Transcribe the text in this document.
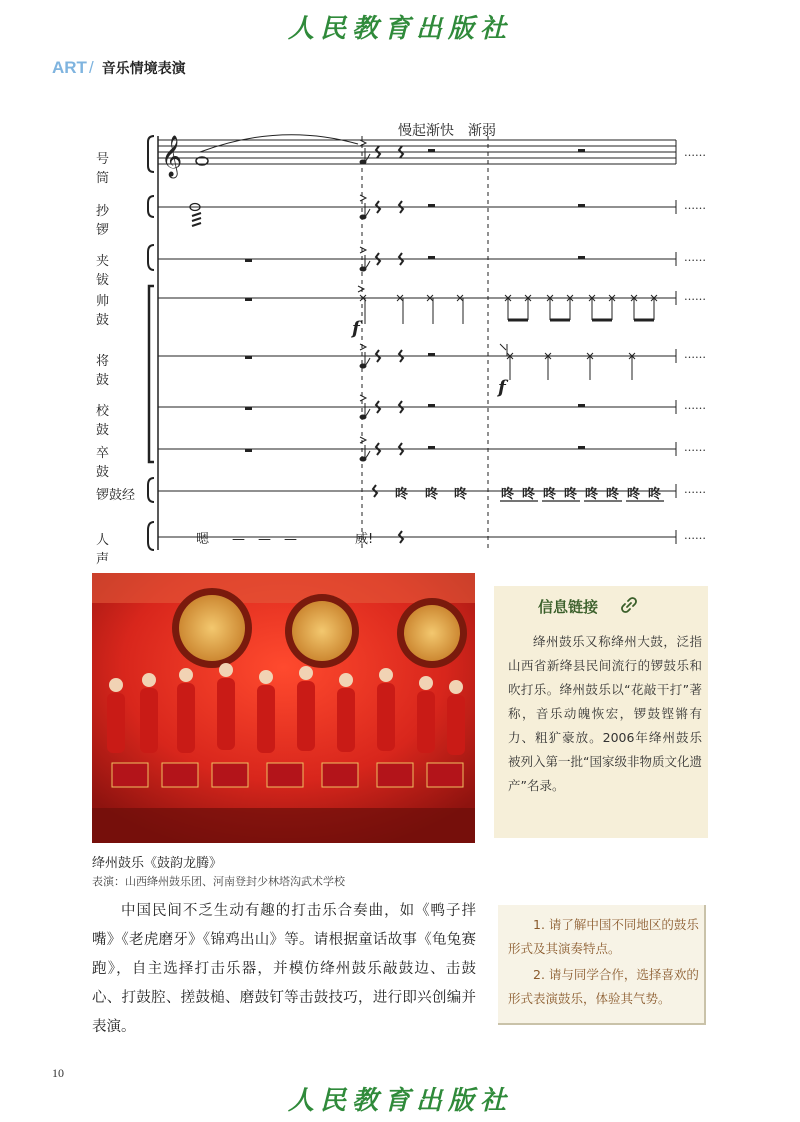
人民教育出版社
ART / 音乐情境表演
号　筒
抄　锣
夹　钹
帅　鼓
将　鼓
校　鼓
卒　鼓
锣鼓经
人　声
𝄞
慢起渐快　渐弱
f
f
咚 咚 咚	咚 咚 咚 咚 咚 咚 咚 咚
嗯 —　—　—	威!
……
……
……
……
……
……
……
……
……
绛州鼓乐《鼓韵龙腾》
表演：山西绛州鼓乐团、河南登封少林塔沟武术学校
信息链接
绛州鼓乐又称绛州大鼓，泛指山西省新绛县民间流行的锣鼓乐和吹打乐。绛州鼓乐以“花敲干打”著称，音乐动魄恢宏，锣鼓铿锵有力、粗犷豪放。2006年绛州鼓乐被列入第一批“国家级非物质文化遗产”名录。
中国民间不乏生动有趣的打击乐合奏曲，如《鸭子拌嘴》《老虎磨牙》《锦鸡出山》等。请根据童话故事《龟兔赛跑》，自主选择打击乐器，并模仿绛州鼓乐敲鼓边、击鼓心、打鼓腔、搓鼓槌、磨鼓钉等击鼓技巧，进行即兴创编并表演。
1. 请了解中国不同地区的鼓乐形式及其演奏特点。
2. 请与同学合作，选择喜欢的形式表演鼓乐，体验其气势。
10
人民教育出版社
